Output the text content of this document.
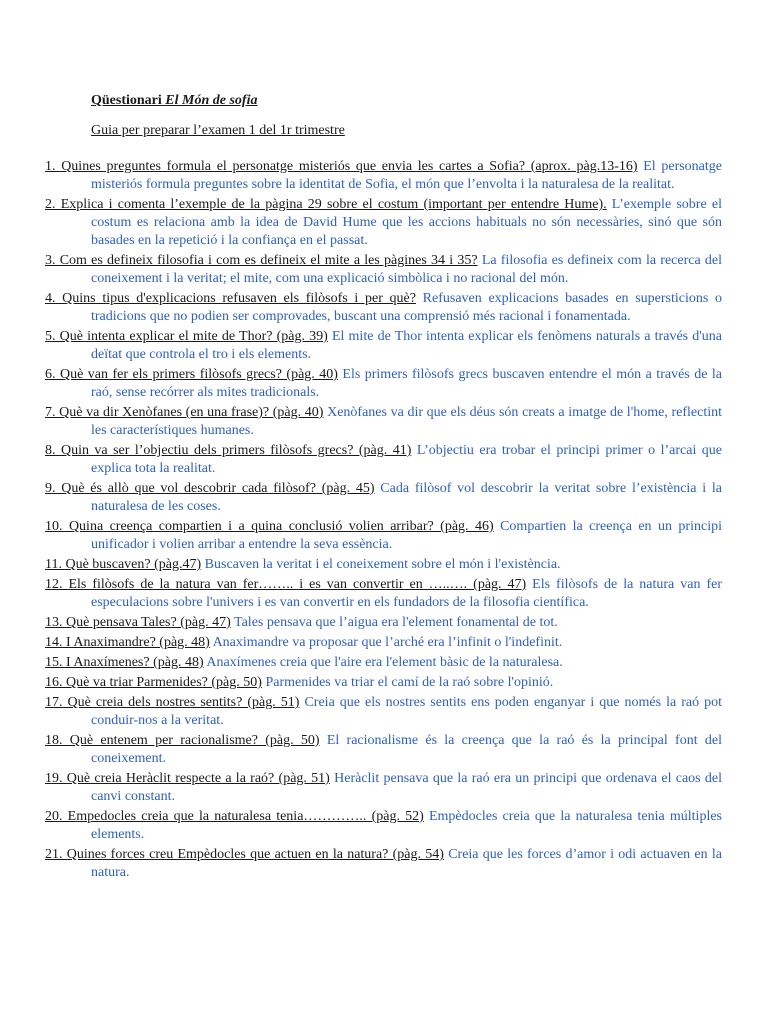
Qüestionari El Món de sofia

Guia per preparar l’examen 1 del 1r trimestre

1. Quines preguntes formula el personatge misteriós que envia les cartes a Sofia? (aprox. pàg.13-16) El personatge misteriós formula preguntes sobre la identitat de Sofia, el món que l’envolta i la naturalesa de la realitat.
2. Explica i comenta l’exemple de la pàgina 29 sobre el costum (important per entendre Hume). L’exemple sobre el costum es relaciona amb la idea de David Hume que les accions habituals no són necessàries, sinó que són basades en la repetició i la confiança en el passat.
3. Com es defineix filosofia i com es defineix el mite a les pàgines 34 i 35? La filosofia es defineix com la recerca del coneixement i la veritat; el mite, com una explicació simbòlica i no racional del món.
4. Quins tipus d'explicacions refusaven els filòsofs i per què? Refusaven explicacions basades en supersticions o tradicions que no podien ser comprovades, buscant una comprensió més racional i fonamentada.
5. Què intenta explicar el mite de Thor? (pàg. 39) El mite de Thor intenta explicar els fenòmens naturals a través d'una deïtat que controla el tro i els elements.
6. Què van fer els primers filòsofs grecs? (pàg. 40) Els primers filòsofs grecs buscaven entendre el món a través de la raó, sense recórrer als mites tradicionals.
7. Què va dir Xenòfanes (en una frase)? (pàg. 40) Xenòfanes va dir que els déus són creats a imatge de l'home, reflectint les característiques humanes.
8. Quin va ser l’objectiu dels primers filòsofs grecs? (pàg. 41) L’objectiu era trobar el principi primer o l’arcai que explica tota la realitat.
9. Què és allò que vol descobrir cada filòsof? (pàg. 45) Cada filòsof vol descobrir la veritat sobre l’existència i la naturalesa de les coses.
10. Quina creença compartien i a quina conclusió volien arribar? (pàg. 46) Compartien la creença en un principi unificador i volien arribar a entendre la seva essència.
11. Què buscaven? (pàg.47) Buscaven la veritat i el coneixement sobre el món i l'existència.
12. Els filòsofs de la natura van fer…….. i es van convertir en …..…. (pàg. 47) Els filòsofs de la natura van fer especulacions sobre l'univers i es van convertir en els fundadors de la filosofia científica.
13. Què pensava Tales? (pàg. 47) Tales pensava que l’aigua era l'element fonamental de tot.
14. I Anaximandre? (pàg. 48) Anaximandre va proposar que l’arché era l’infinit o l'indefinit.
15. I Anaxímenes? (pàg. 48) Anaxímenes creia que l'aire era l'element bàsic de la naturalesa.
16. Què va triar Parmenides? (pàg. 50) Parmenides va triar el camí de la raó sobre l'opinió.
17. Què creia dels nostres sentits? (pàg. 51) Creia que els nostres sentits ens poden enganyar i que només la raó pot conduir-nos a la veritat.
18. Què entenem per racionalisme? (pàg. 50) El racionalisme és la creença que la raó és la principal font del coneixement.
19. Què creia Heràclit respecte a la raó? (pàg. 51) Heràclit pensava que la raó era un principi que ordenava el caos del canvi constant.
20. Empedocles creia que la naturalesa tenia………….. (pàg. 52) Empèdocles creia que la naturalesa tenia múltiples elements.
21. Quines forces creu Empèdocles que actuen en la natura? (pàg. 54) Creia que les forces d’amor i odi actuaven en la natura.
